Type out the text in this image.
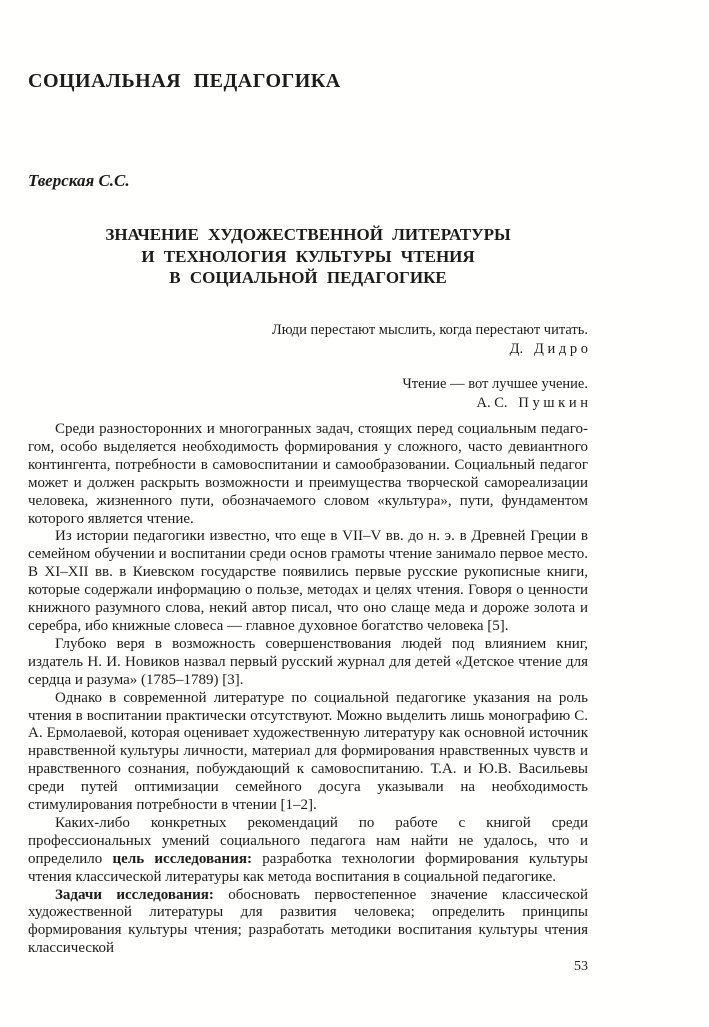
СОЦИАЛЬНАЯ ПЕДАГОГИКА
Тверская С.С.
ЗНАЧЕНИЕ ХУДОЖЕСТВЕННОЙ ЛИТЕРАТУРЫ
И ТЕХНОЛОГИЯ КУЛЬТУРЫ ЧТЕНИЯ
В СОЦИАЛЬНОЙ ПЕДАГОГИКЕ
Люди перестают мыслить, когда перестают читать.
Д.   Д и д р о
Чтение — вот лучшее учение.
А. С.   П у ш к и н

Среди разносторонних и многогранных задач, стоящих перед социальным педагогом, особо выделяется необходимость формирования у сложного, часто девиантного контингента, потребности в самовоспитании и самообразовании. Социальный педагог может и должен раскрыть возможности и преимущества творческой самореализации человека, жизненного пути, обозначаемого словом «культура», пути, фундаментом которого является чтение.

Из истории педагогики известно, что еще в VII–V вв. до н. э. в Древней Греции в семейном обучении и воспитании среди основ грамоты чтение занимало первое место. В XI–XII вв. в Киевском государстве появились первые русские рукописные книги, которые содержали информацию о пользе, методах и целях чтения. Говоря о ценности книжного разумного слова, некий автор писал, что оно слаще меда и дороже золота и серебра, ибо книжные словеса — главное духовное богатство человека [5].

Глубоко веря в возможность совершенствования людей под влиянием книг, издатель Н. И. Новиков назвал первый русский журнал для детей «Детское чтение для сердца и разума» (1785–1789) [3].

Однако в современной литературе по социальной педагогике указания на роль чтения в воспитании практически отсутствуют. Можно выделить лишь монографию С. А. Ермолаевой, которая оценивает художественную литературу как основной источник нравственной культуры личности, материал для формирования нравственных чувств и нравственного сознания, побуждающий к самовоспитанию. Т.А. и Ю.В. Васильевы среди путей оптимизации семейного досуга указывали на необходимость стимулирования потребности в чтении [1–2].

Каких-либо конкретных рекомендаций по работе с книгой среди профессиональных умений социального педагога нам найти не удалось, что и определило цель исследования: разработка технологии формирования культуры чтения классической литературы как метода воспитания в социальной педагогике.

Задачи исследования: обосновать первостепенное значение классической художественной литературы для развития человека; определить принципы формирования культуры чтения; разработать методики воспитания культуры чтения классической

53
